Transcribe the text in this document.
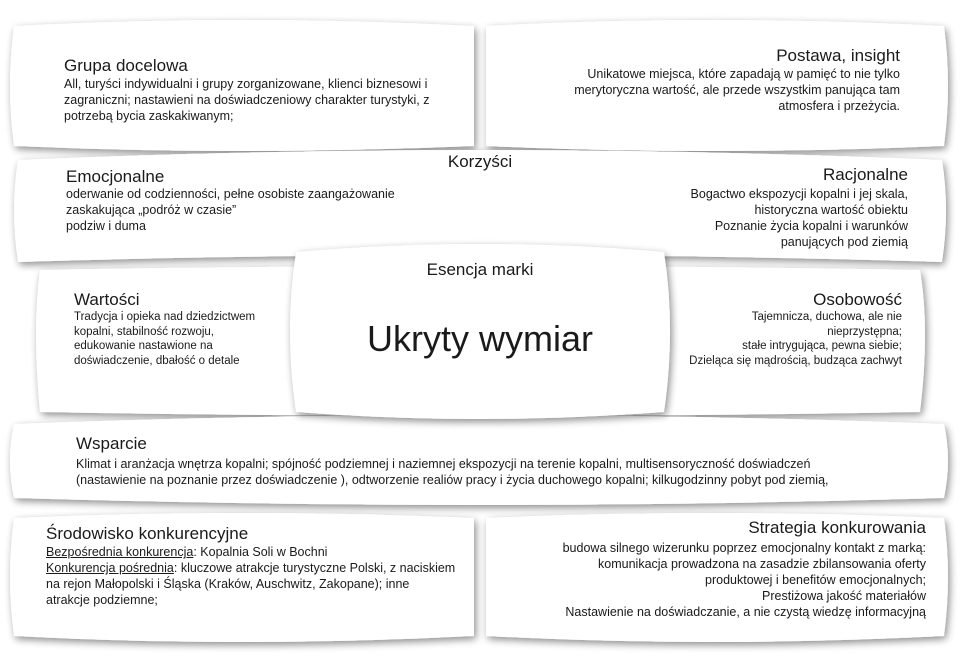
Grupa docelowa
All, turyści indywidualni i grupy zorganizowane, klienci biznesowi i zagraniczni; nastawieni na doświadczeniowy charakter turystyki, z potrzebą bycia zaskakiwanym;
Postawa, insight
Unikatowe miejsca, które zapadają w pamięć to nie tylko merytoryczna wartość, ale przede wszystkim panująca tam atmosfera i przeżycia.
Korzyści
Emocjonalne
oderwanie od codzienności, pełne osobiste zaangażowanie
zaskakująca „podróż w czasie”
podziw i duma
Racjonalne
Bogactwo ekspozycji kopalni i jej skala,
historyczna wartość obiektu
Poznanie życia kopalni i warunków
panujących pod ziemią
Wartości
Tradycja i opieka nad dziedzictwem kopalni, stabilność rozwoju, edukowanie nastawione na doświadczenie, dbałość o detale
Esencja marki
Ukryty wymiar
Osobowość
Tajemnicza, duchowa, ale nie
nieprzystępna;
stałe intrygująca, pewna siebie;
Dzieląca się mądrością, budząca zachwyt
Wsparcie
Klimat i aranżacja wnętrza kopalni; spójność podziemnej i naziemnej ekspozycji na terenie kopalni, multisensoryczność doświadczeń
(nastawienie na poznanie przez doświadczenie ), odtworzenie realiów pracy i życia duchowego kopalni; kilkugodzinny pobyt pod ziemią,
Środowisko konkurencyjne
Bezpośrednia konkurencja: Kopalnia Soli w Bochni
Konkurencja pośrednia: kluczowe atrakcje turystyczne Polski, z naciskiem na rejon Małopolski i Śląska (Kraków, Auschwitz, Zakopane); inne atrakcje podziemne;
Strategia konkurowania
budowa silnego wizerunku poprzez emocjonalny kontakt z marką:
komunikacja prowadzona na zasadzie zbilansowania oferty
produktowej i benefitów emocjonalnych;
Prestiżowa jakość materiałów
Nastawienie na doświadczanie, a nie czystą wiedzę informacyjną
